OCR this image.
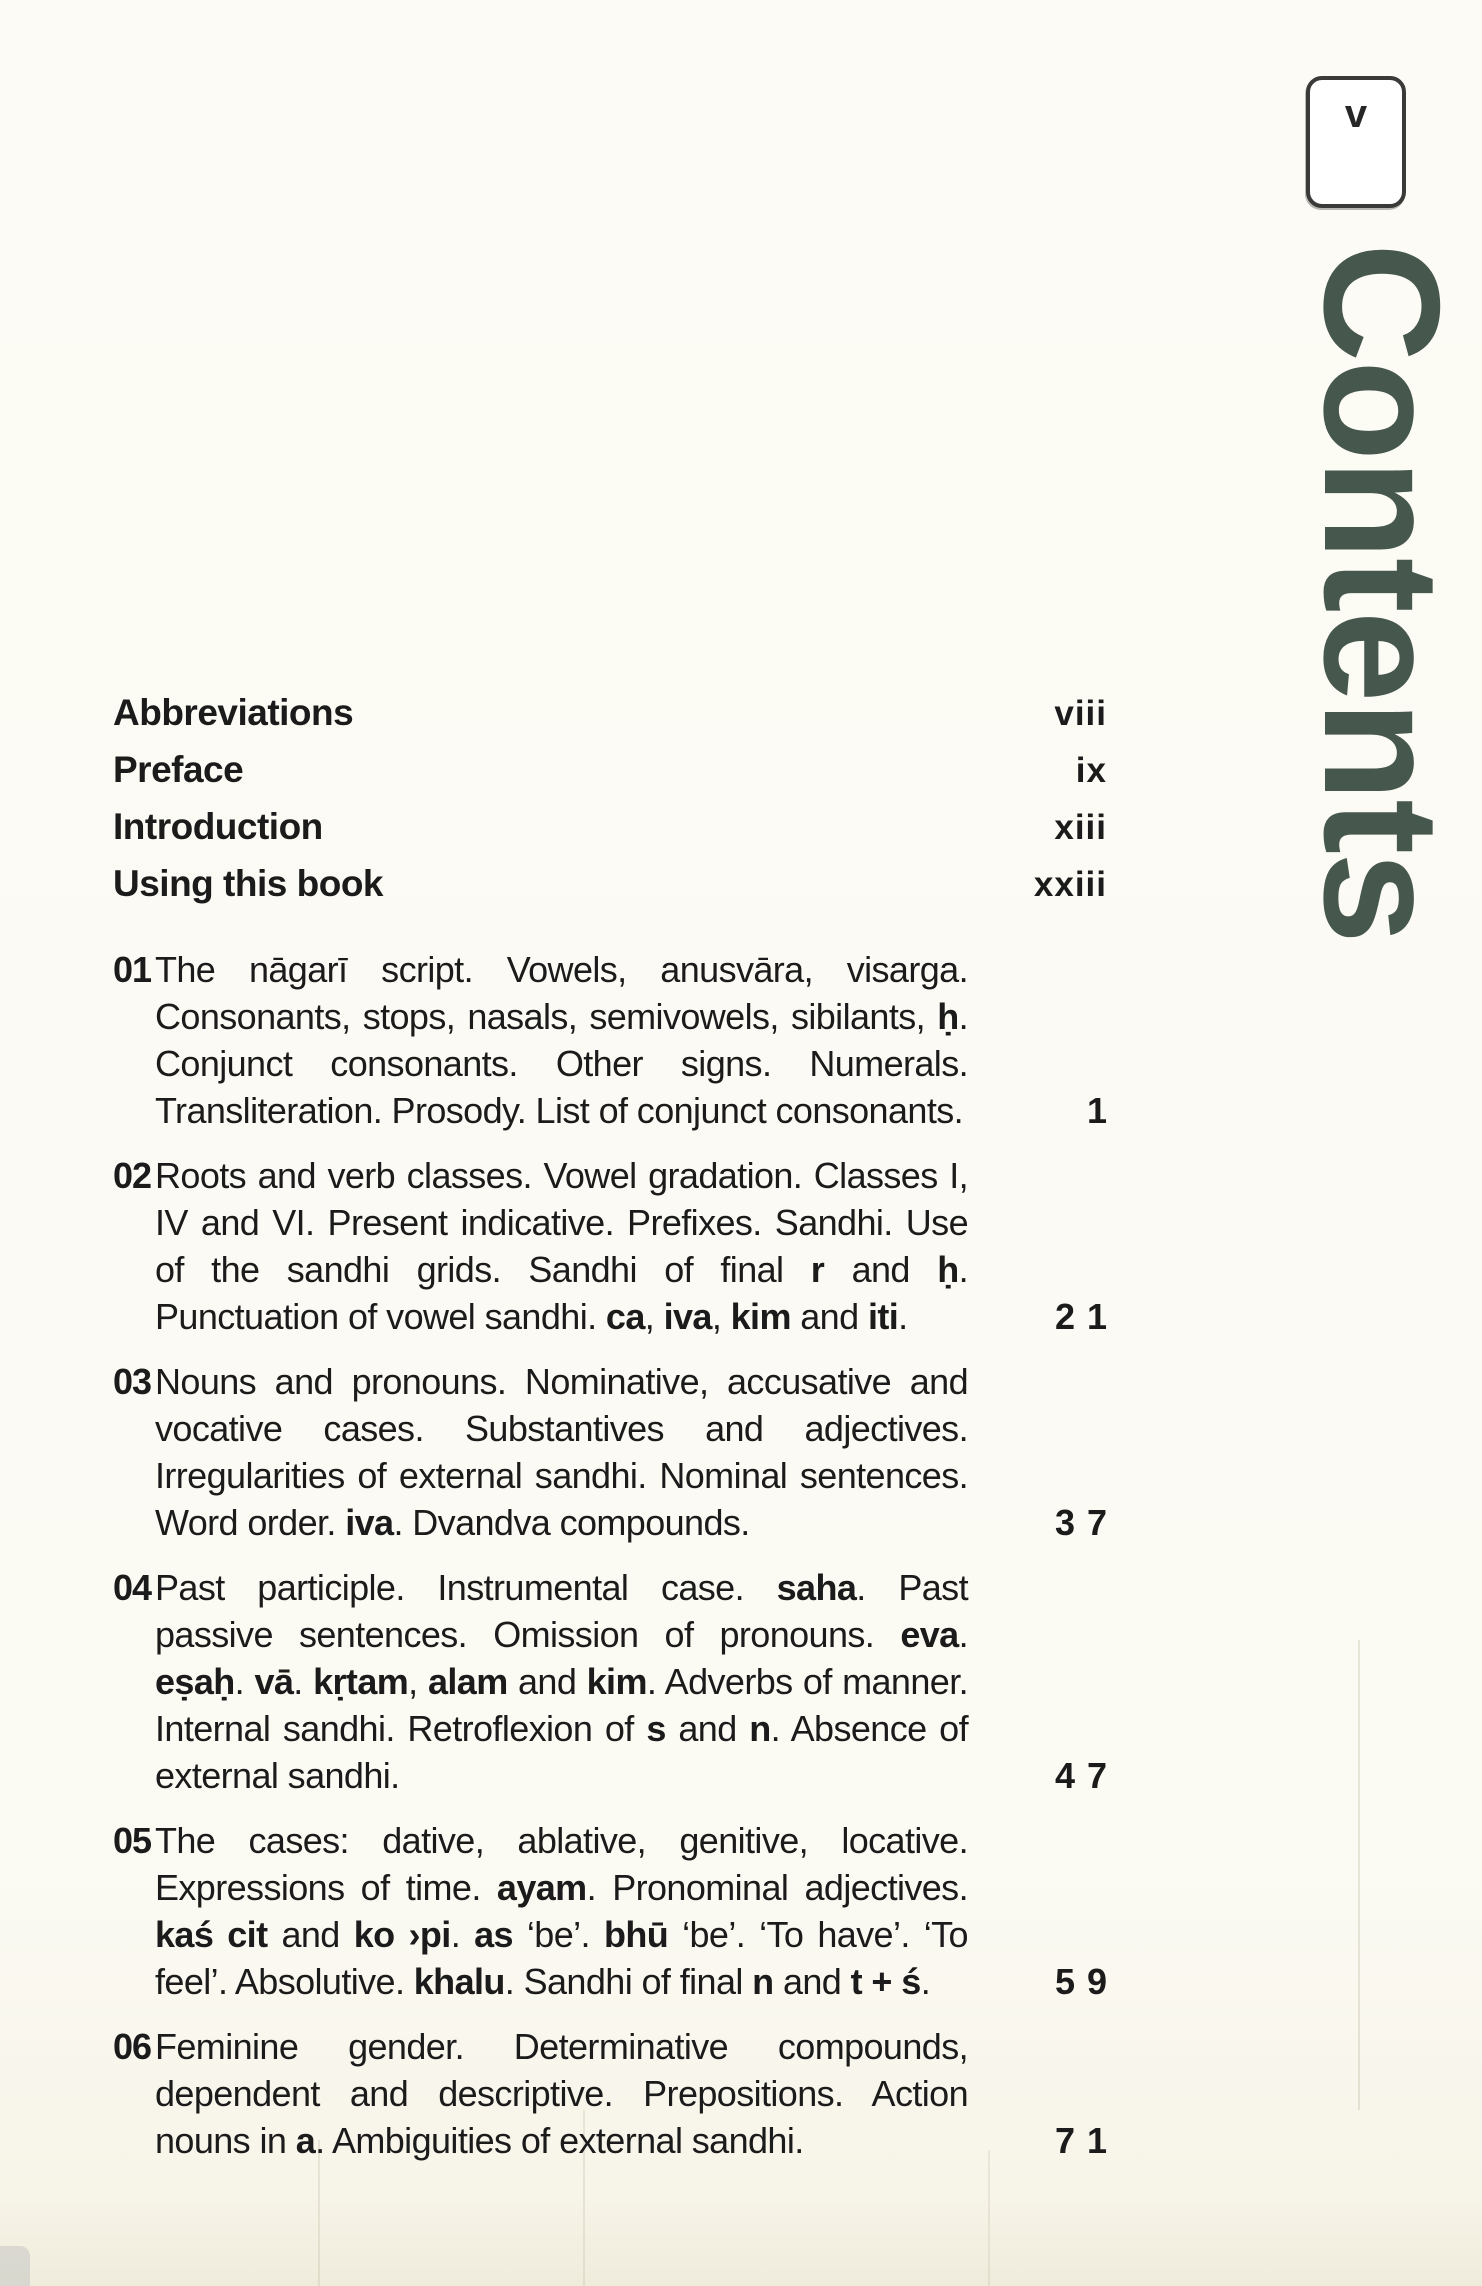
v
Contents
Abbreviations	viii
Preface	ix
Introduction	xiii
Using this book	xxiii
01 The nāgarī script. Vowels, anusvāra, visarga. Consonants, stops, nasals, semivowels, sibilants, ḥ. Conjunct consonants. Other signs. Numerals. Transliteration. Prosody. List of conjunct consonants.	1
02 Roots and verb classes. Vowel gradation. Classes I, IV and VI. Present indicative. Prefixes. Sandhi. Use of the sandhi grids. Sandhi of final r and ḥ. Punctuation of vowel sandhi. ca, iva, kim and iti.	21
03 Nouns and pronouns. Nominative, accusative and vocative cases. Substantives and adjectives. Irregularities of external sandhi. Nominal sentences. Word order. iva. Dvandva compounds.	37
04 Past participle. Instrumental case. saha. Past passive sentences. Omission of pronouns. eva. eṣaḥ. vā. kṛtam, alam and kim. Adverbs of manner. Internal sandhi. Retroflexion of s and n. Absence of external sandhi.	47
05 The cases: dative, ablative, genitive, locative. Expressions of time. ayam. Pronominal adjectives. kaś cit and ko ›pi. as ‘be’. bhū ‘be’. ‘To have’. ‘To feel’. Absolutive. khalu. Sandhi of final n and t + ś.	59
06 Feminine gender. Determinative compounds, dependent and descriptive. Prepositions. Action nouns in a. Ambiguities of external sandhi.	71
